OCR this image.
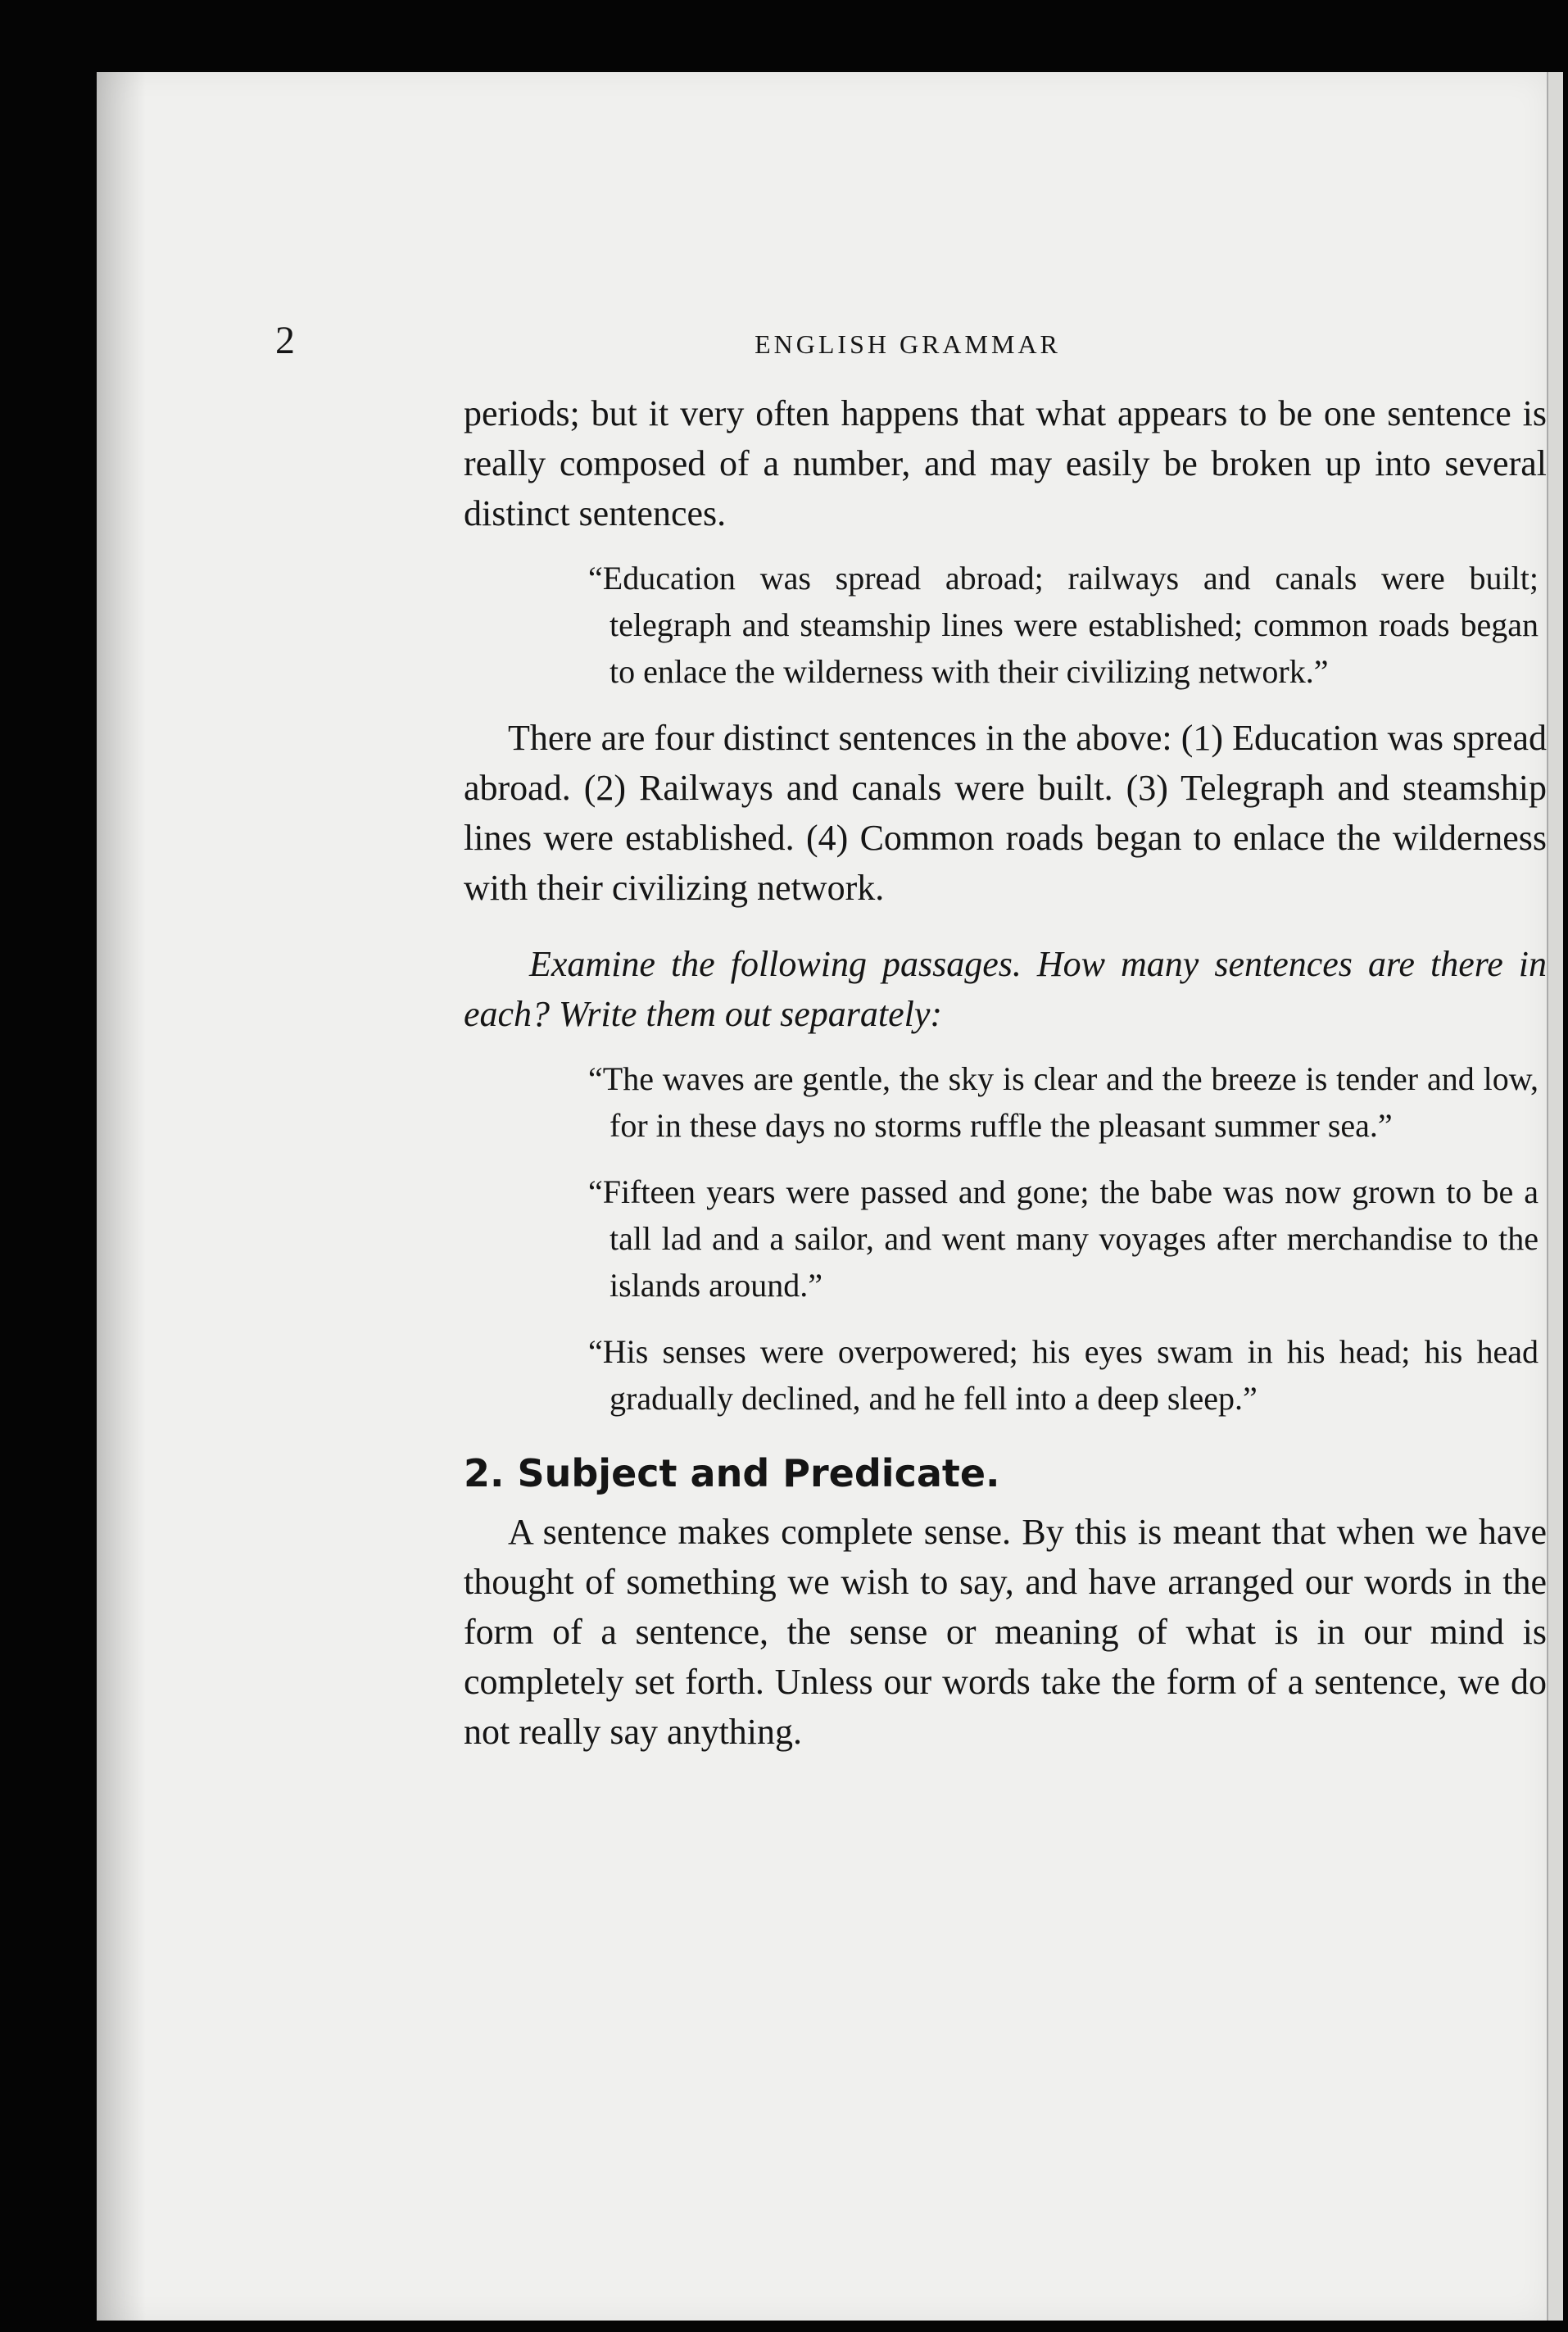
2	ENGLISH GRAMMAR

periods; but it very often happens that what appears to be one sentence is really composed of a number, and may easily be broken up into several distinct sentences.

“Education was spread abroad; railways and canals were built; telegraph and steamship lines were established; common roads began to enlace the wilderness with their civilizing network.”

There are four distinct sentences in the above: (1) Education was spread abroad. (2) Railways and canals were built. (3) Telegraph and steamship lines were established. (4) Common roads began to enlace the wilderness with their civilizing network.

Examine the following passages. How many sentences are there in each? Write them out separately:
“The waves are gentle, the sky is clear and the breeze is tender and low, for in these days no storms ruffle the pleasant summer sea.”
“Fifteen years were passed and gone; the babe was now grown to be a tall lad and a sailor, and went many voyages after merchandise to the islands around.”
“His senses were overpowered; his eyes swam in his head; his head gradually declined, and he fell into a deep sleep.”
2. Subject and Predicate.

A sentence makes complete sense. By this is meant that when we have thought of something we wish to say, and have arranged our words in the form of a sentence, the sense or meaning of what is in our mind is completely set forth. Unless our words take the form of a sentence, we do not really say anything.
